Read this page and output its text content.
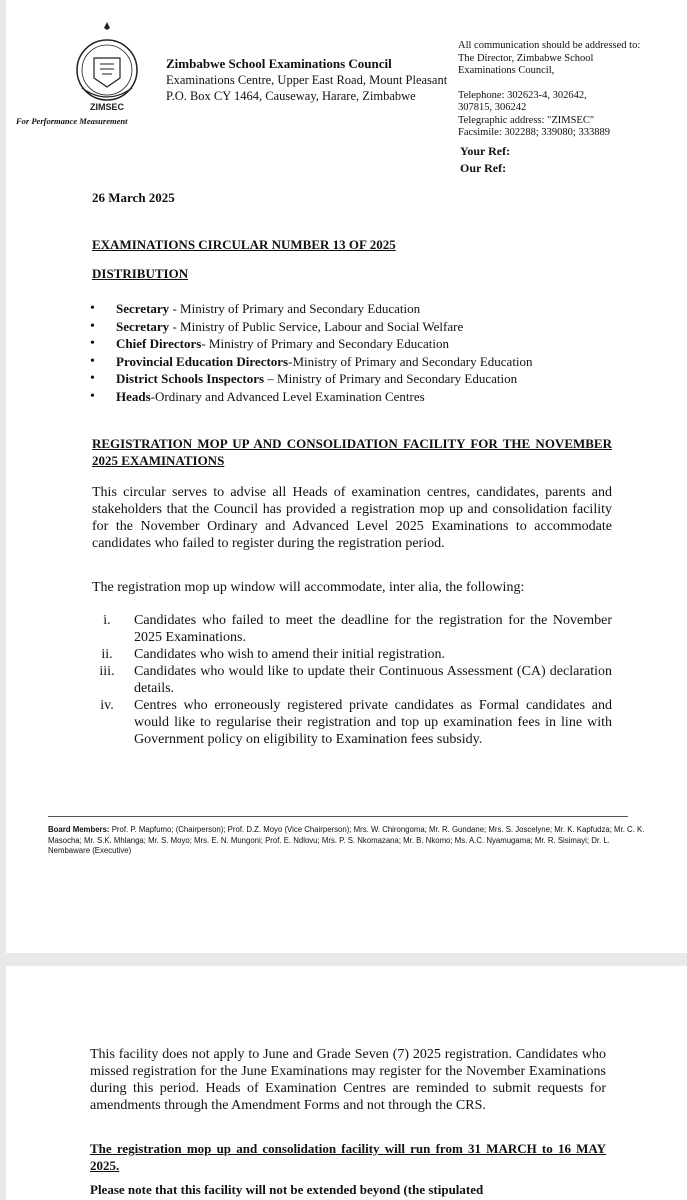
ZIMSEC
For Performance Measurement
Zimbabwe School Examinations Council
Examinations Centre, Upper East Road, Mount Pleasant
P.O. Box CY 1464, Causeway, Harare, Zimbabwe
All communication should be addressed to:
The Director, Zimbabwe School
Examinations Council,
Telephone: 302623-4, 302642,
307815, 306242
Telegraphic address: "ZIMSEC"
Facsimile: 302288; 339080; 333889
Your Ref:
Our Ref:
26 March 2025
EXAMINATIONS CIRCULAR NUMBER 13 OF 2025
DISTRIBUTION
• Secretary - Ministry of Primary and Secondary Education
• Secretary - Ministry of Public Service, Labour and Social Welfare
• Chief Directors- Ministry of Primary and Secondary Education
• Provincial Education Directors-Ministry of Primary and Secondary Education
• District Schools Inspectors – Ministry of Primary and Secondary Education
• Heads-Ordinary and Advanced Level Examination Centres
REGISTRATION MOP UP AND CONSOLIDATION FACILITY FOR THE NOVEMBER 2025 EXAMINATIONS
This circular serves to advise all Heads of examination centres, candidates, parents and stakeholders that the Council has provided a registration mop up and consolidation facility for the November Ordinary and Advanced Level 2025 Examinations to accommodate candidates who failed to register during the registration period.
The registration mop up window will accommodate, inter alia, the following:
i.	Candidates who failed to meet the deadline for the registration for the November 2025 Examinations.
ii.	Candidates who wish to amend their initial registration.
iii.	Candidates who would like to update their Continuous Assessment (CA) declaration details.
iv.	Centres who erroneously registered private candidates as Formal candidates and would like to regularise their registration and top up examination fees in line with Government policy on eligibility to Examination fees subsidy.
Board Members: Prof. P. Mapfumo; (Chairperson); Prof. D.Z. Moyo (Vice Chairperson); Mrs. W. Chirongoma; Mr. R. Gundane; Mrs. S. Joscelyne; Mr. K. Kapfudza; Mr. C. K. Masocha; Mr. S.K. Mhlanga; Mr. S. Moyo; Mrs. E. N. Mungoni; Prof. E. Ndlovu; Mrs. P. S. Nkomazana; Mr. B. Nkomo; Ms. A.C. Nyamugama; Mr. R. Sisimayi; Dr. L. Nembaware (Executive)
This facility does not apply to June and Grade Seven (7) 2025 registration. Candidates who missed registration for the June Examinations may register for the November Examinations during this period. Heads of Examination Centres are reminded to submit requests for amendments through the Amendment Forms and not through the CRS.
The registration mop up and consolidation facility will run from 31 MARCH to 16 MAY 2025.
Please note that this facility will not be extended beyond (the stipulated
